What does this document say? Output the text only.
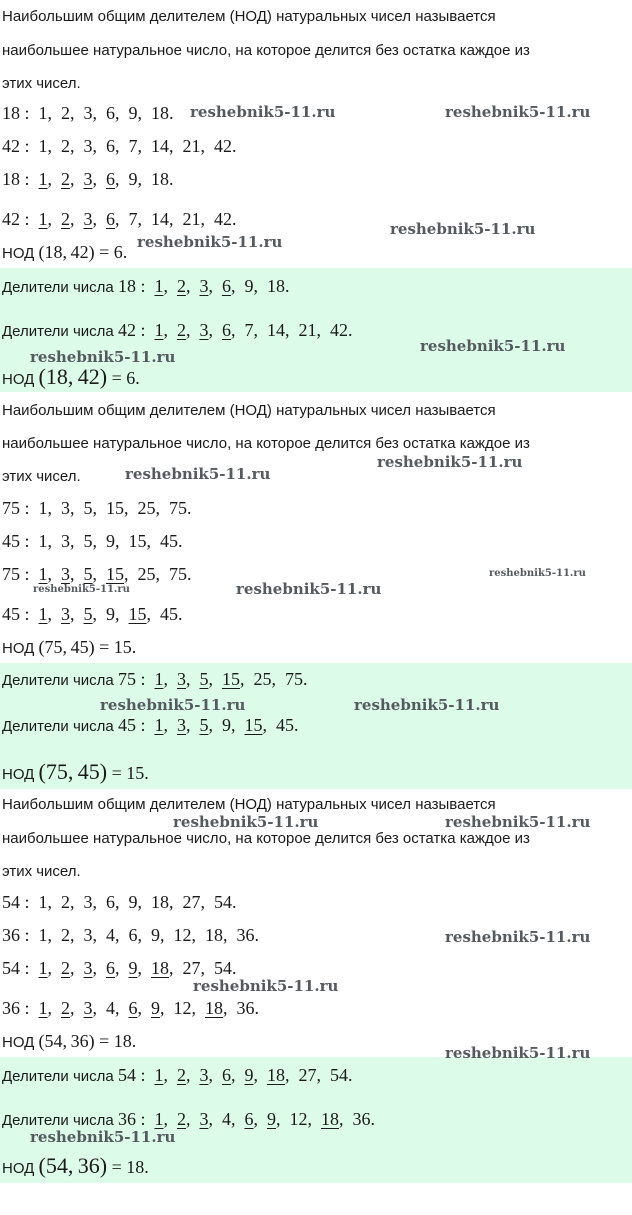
Наибольшим общим делителем (НОД) натуральных чисел называется
наибольшее натуральное число, на которое делится без остатка каждое из
этих чисел.
18 : 1, 2, 3, 6, 9, 18.
42 : 1, 2, 3, 6, 7, 14, 21, 42.
18 : 1, 2, 3, 6, 9, 18.
42 : 1, 2, 3, 6, 7, 14, 21, 42.
НОД (18, 42) = 6.
Делители числа 18 : 1, 2, 3, 6, 9, 18.
Делители числа 42 : 1, 2, 3, 6, 7, 14, 21, 42.
НОД (18, 42) = 6.
Наибольшим общим делителем (НОД) натуральных чисел называется
наибольшее натуральное число, на которое делится без остатка каждое из
этих чисел.
75 : 1, 3, 5, 15, 25, 75.
45 : 1, 3, 5, 9, 15, 45.
75 : 1, 3, 5, 15, 25, 75.
45 : 1, 3, 5, 9, 15, 45.
НОД (75, 45) = 15.
Делители числа 75 : 1, 3, 5, 15, 25, 75.
Делители числа 45 : 1, 3, 5, 9, 15, 45.
НОД (75, 45) = 15.
Наибольшим общим делителем (НОД) натуральных чисел называется
наибольшее натуральное число, на которое делится без остатка каждое из
этих чисел.
54 : 1, 2, 3, 6, 9, 18, 27, 54.
36 : 1, 2, 3, 4, 6, 9, 12, 18, 36.
54 : 1, 2, 3, 6, 9, 18, 27, 54.
36 : 1, 2, 3, 4, 6, 9, 12, 18, 36.
НОД (54, 36) = 18.
Делители числа 54 : 1, 2, 3, 6, 9, 18, 27, 54.
Делители числа 36 : 1, 2, 3, 4, 6, 9, 12, 18, 36.
НОД (54, 36) = 18.
reshebnik5-11.ru	reshebnik5-11.ru
reshebnik5-11.ru
reshebnik5-11.ru
reshebnik5-11.ru
reshebnik5-11.ru
reshebnik5-11.ru
reshebnik5-11.ru
reshebnik5-11.ru
reshebnik5-11.ru
reshebnik5-11.ru
reshebnik5-11.ru	reshebnik5-11.ru
reshebnik5-11.ru	reshebnik5-11.ru
reshebnik5-11.ru
reshebnik5-11.ru
reshebnik5-11.ru
reshebnik5-11.ru
